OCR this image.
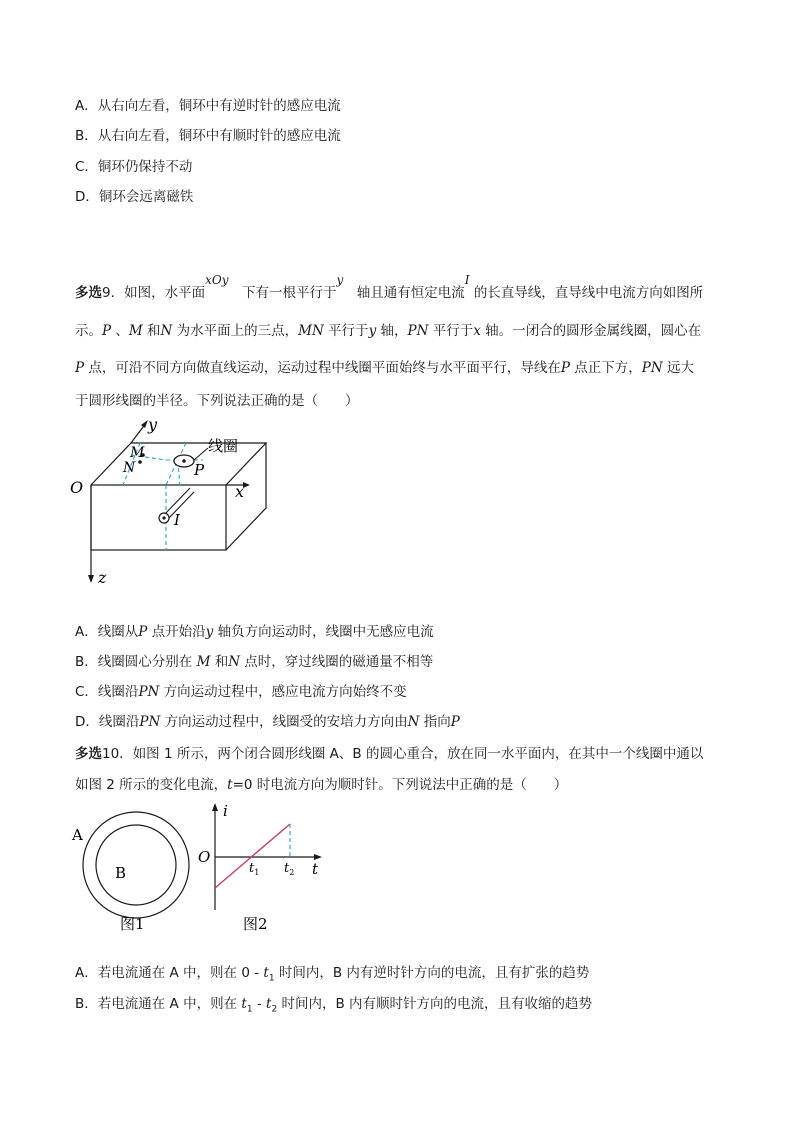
A．从右向左看，铜环中有逆时针的感应电流
B．从右向左看，铜环中有顺时针的感应电流
C．铜环仍保持不动
D．铜环会远离磁铁
多选9．如图，水平面xOy　下有一根平行于y　轴且通有恒定电流I 的长直导线，直导线中电流方向如图所
示。P 、M 和N 为水平面上的三点，MN 平行于y 轴，PN 平行于x 轴。一闭合的圆形金属线圈，圆心在
P 点，可沿不同方向做直线运动，运动过程中线圈平面始终与水平面平行，导线在P 点正下方，PN 远大
于圆形线圈的半径。下列说法正确的是（　　）
y
x
z
O
M
N
线圈
P
I
A．线圈从P 点开始沿y 轴负方向运动时，线圈中无感应电流
B．线圈圆心分别在 M 和N 点时，穿过线圈的磁通量不相等
C．线圈沿PN 方向运动过程中，感应电流方向始终不变
D．线圈沿PN 方向运动过程中，线圈受的安培力方向由N 指向P
多选10．如图 1 所示，两个闭合圆形线圈 A、B 的圆心重合，放在同一水平面内，在其中一个线圈中通以
如图 2 所示的变化电流，t=0 时电流方向为顺时针。下列说法中正确的是（　　）
A
B
图1
i
O
$t_1$ $t_2$ t
图2
A．若电流通在 A 中，则在 $0 - t_1$ 时间内，B 内有逆时针方向的电流，且有扩张的趋势
B．若电流通在 A 中，则在 $t_1 - t_2$ 时间内，B 内有顺时针方向的电流，且有收缩的趋势
